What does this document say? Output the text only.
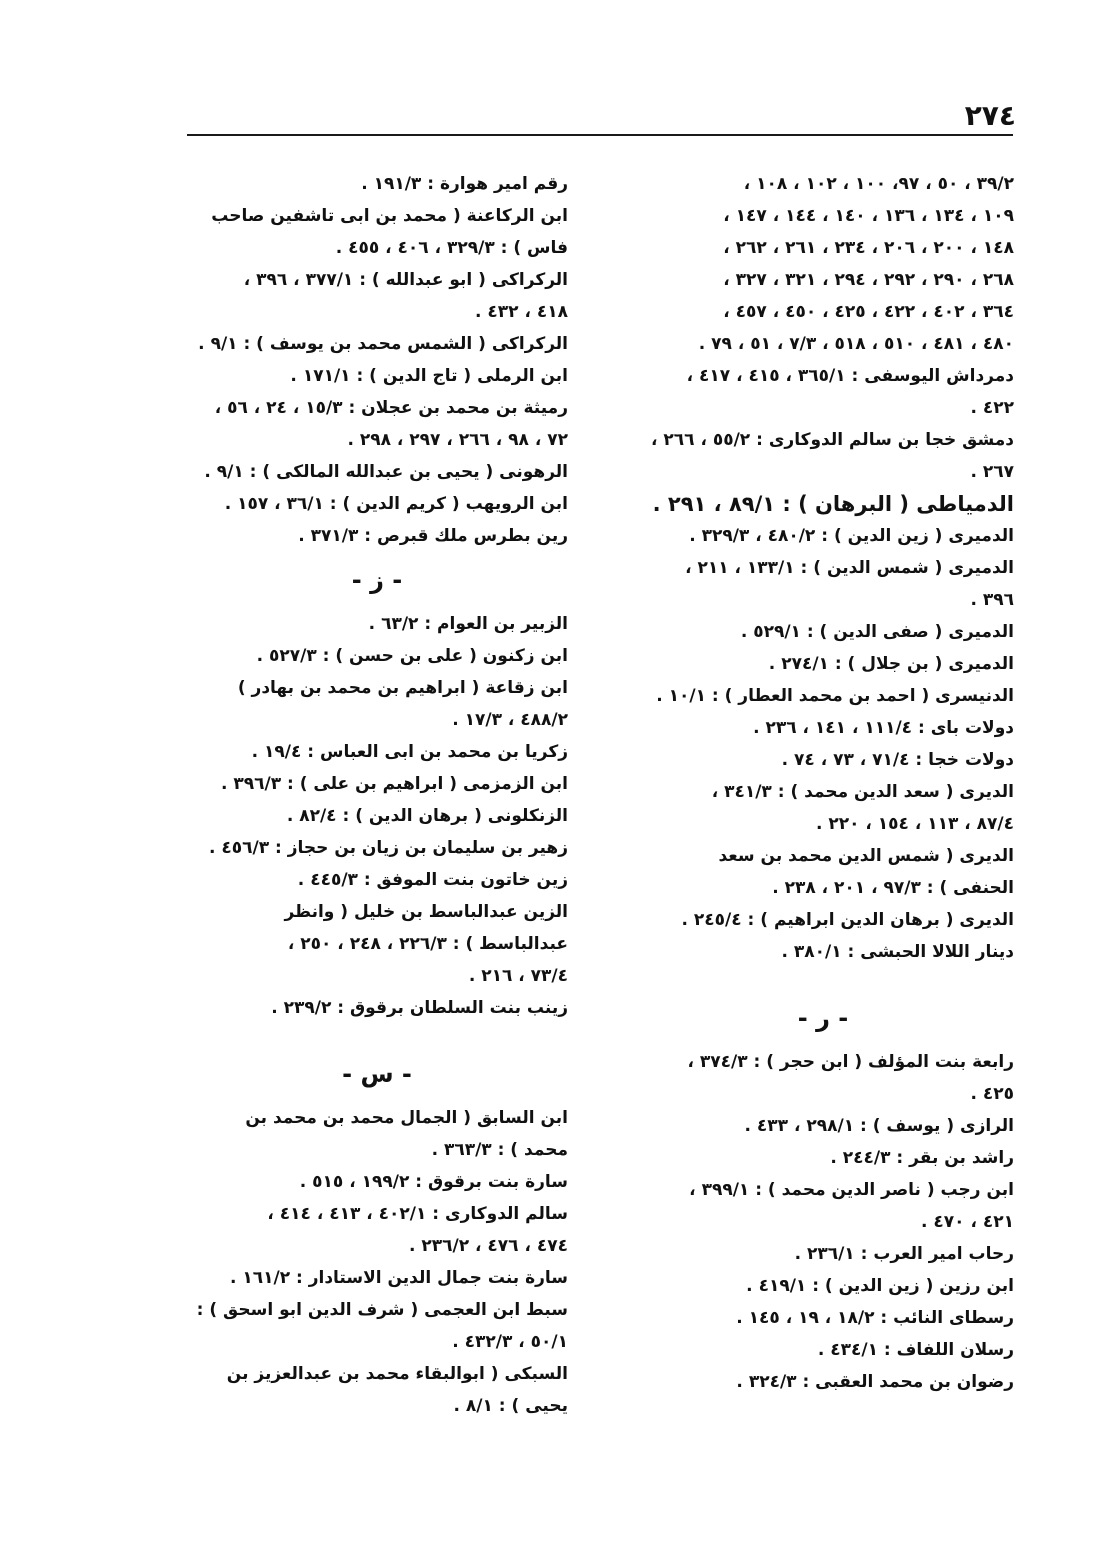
٢٧٤
٣٩/٢ ، ٥٠ ، ٩٧، ١٠٠ ، ١٠٢ ، ١٠٨ ،
١٠٩ ، ١٣٤ ، ١٣٦ ، ١٤٠ ، ١٤٤ ، ١٤٧ ،
١٤٨ ، ٢٠٠ ، ٢٠٦ ، ٢٣٤ ، ٢٦١ ، ٢٦٢ ،
٢٦٨ ، ٢٩٠ ، ٢٩٢ ، ٢٩٤ ، ٣٢١ ، ٣٢٧ ،
٣٦٤ ، ٤٠٢ ، ٤٢٢ ، ٤٢٥ ، ٤٥٠ ، ٤٥٧ ،
٤٨٠ ، ٤٨١ ، ٥١٠ ، ٥١٨ ، ٧/٣ ، ٥١ ، ٧٩ .
دمرداش اليوسفى : ٣٦٥/١ ، ٤١٥ ، ٤١٧ ،
٤٢٢ .
دمشق خجا بن سالم الدوكارى : ٥٥/٢ ، ٢٦٦ ،
٢٦٧ .
الدمياطى ( البرهان ) : ٨٩/١ ، ٢٩١ .
الدميرى ( زين الدين ) : ٤٨٠/٢ ، ٣٢٩/٣ .
الدميرى ( شمس الدين ) : ١٣٣/١ ، ٢١١ ،
٣٩٦ .
الدميرى ( صفى الدين ) : ٥٢٩/١ .
الدميرى ( بن جلال ) : ٢٧٤/١ .
الدنيسرى ( احمد بن محمد العطار ) : ١٠/١ .
دولات باى : ١١١/٤ ، ١٤١ ، ٢٣٦ .
دولات خجا : ٧١/٤ ، ٧٣ ، ٧٤ .
الديرى ( سعد الدين محمد ) : ٣٤١/٣ ،
٨٧/٤ ، ١١٣ ، ١٥٤ ، ٢٢٠ .
الديرى ( شمس الدين محمد بن سعد
الحنفى ) : ٩٧/٣ ، ٢٠١ ، ٢٣٨ .
الديرى ( برهان الدين ابراهيم ) : ٢٤٥/٤ .
دينار اللالا الحبشى : ٣٨٠/١ .
- ر -
رابعة بنت المؤلف ( ابن حجر ) : ٣٧٤/٣ ،
٤٢٥ .
الرازى ( يوسف ) : ٢٩٨/١ ، ٤٣٣ .
راشد بن بقر : ٢٤٤/٣ .
ابن رجب ( ناصر الدين محمد ) : ٣٩٩/١ ،
٤٢١ ، ٤٧٠ .
رحاب امير العرب : ٢٣٦/١ .
ابن رزين ( زين الدين ) : ٤١٩/١ .
رسطاى النائب : ١٨/٢ ، ١٩ ، ١٤٥ .
رسلان اللفاف : ٤٣٤/١ .
رضوان بن محمد العقبى : ٣٢٤/٣ .
رقم امير هوارة : ١٩١/٣ .
ابن الركاعنة ( محمد بن ابى تاشفين صاحب
فاس ) : ٣٢٩/٣ ، ٤٠٦ ، ٤٥٥ .
الركراكى ( ابو عبدالله ) : ٣٧٧/١ ، ٣٩٦ ،
٤١٨ ، ٤٣٢ .
الركراكى ( الشمس محمد بن يوسف ) : ٩/١ .
ابن الرملى ( تاج الدين ) : ١٧١/١ .
رميثة بن محمد بن عجلان : ١٥/٣ ، ٢٤ ، ٥٦ ،
٧٢ ، ٩٨ ، ٢٦٦ ، ٢٩٧ ، ٢٩٨ .
الرهونى ( يحيى بن عبدالله المالكى ) : ٩/١ .
ابن الرويهب ( كريم الدين ) : ٣٦/١ ، ١٥٧ .
رين بطرس ملك قبرص : ٣٧١/٣ .
- ز -
الزبير بن العوام : ٦٣/٢ .
ابن زكنون ( على بن حسن ) : ٥٢٧/٣ .
ابن زقاعة ( ابراهيم بن محمد بن بهادر )
٤٨٨/٢ ، ١٧/٣ .
زكريا بن محمد بن ابى العباس : ١٩/٤ .
ابن الزمزمى ( ابراهيم بن على ) : ٣٩٦/٣ .
الزنكلونى ( برهان الدين ) : ٨٢/٤ .
زهير بن سليمان بن زيان بن حجاز : ٤٥٦/٣ .
زين خاتون بنت الموفق : ٤٤٥/٣ .
الزين عبدالباسط بن خليل ( وانظر
عبدالباسط ) : ٢٢٦/٣ ، ٢٤٨ ، ٢٥٠ ،
٧٣/٤ ، ٢١٦ .
زينب بنت السلطان برقوق : ٢٣٩/٢ .
- س -
ابن السابق ( الجمال محمد بن محمد بن
محمد ) : ٣٦٣/٣ .
سارة بنت برقوق : ١٩٩/٢ ، ٥١٥ .
سالم الدوكارى : ٤٠٢/١ ، ٤١٣ ، ٤١٤ ،
٤٧٤ ، ٤٧٦ ، ٢٣٦/٢ .
سارة بنت جمال الدين الاستادار : ١٦١/٢ .
سبط ابن العجمى ( شرف الدين ابو اسحق ) :
٥٠/١ ، ٤٣٢/٣ .
السبكى ( ابوالبقاء محمد بن عبدالعزيز بن
يحيى ) : ٨/١ .
